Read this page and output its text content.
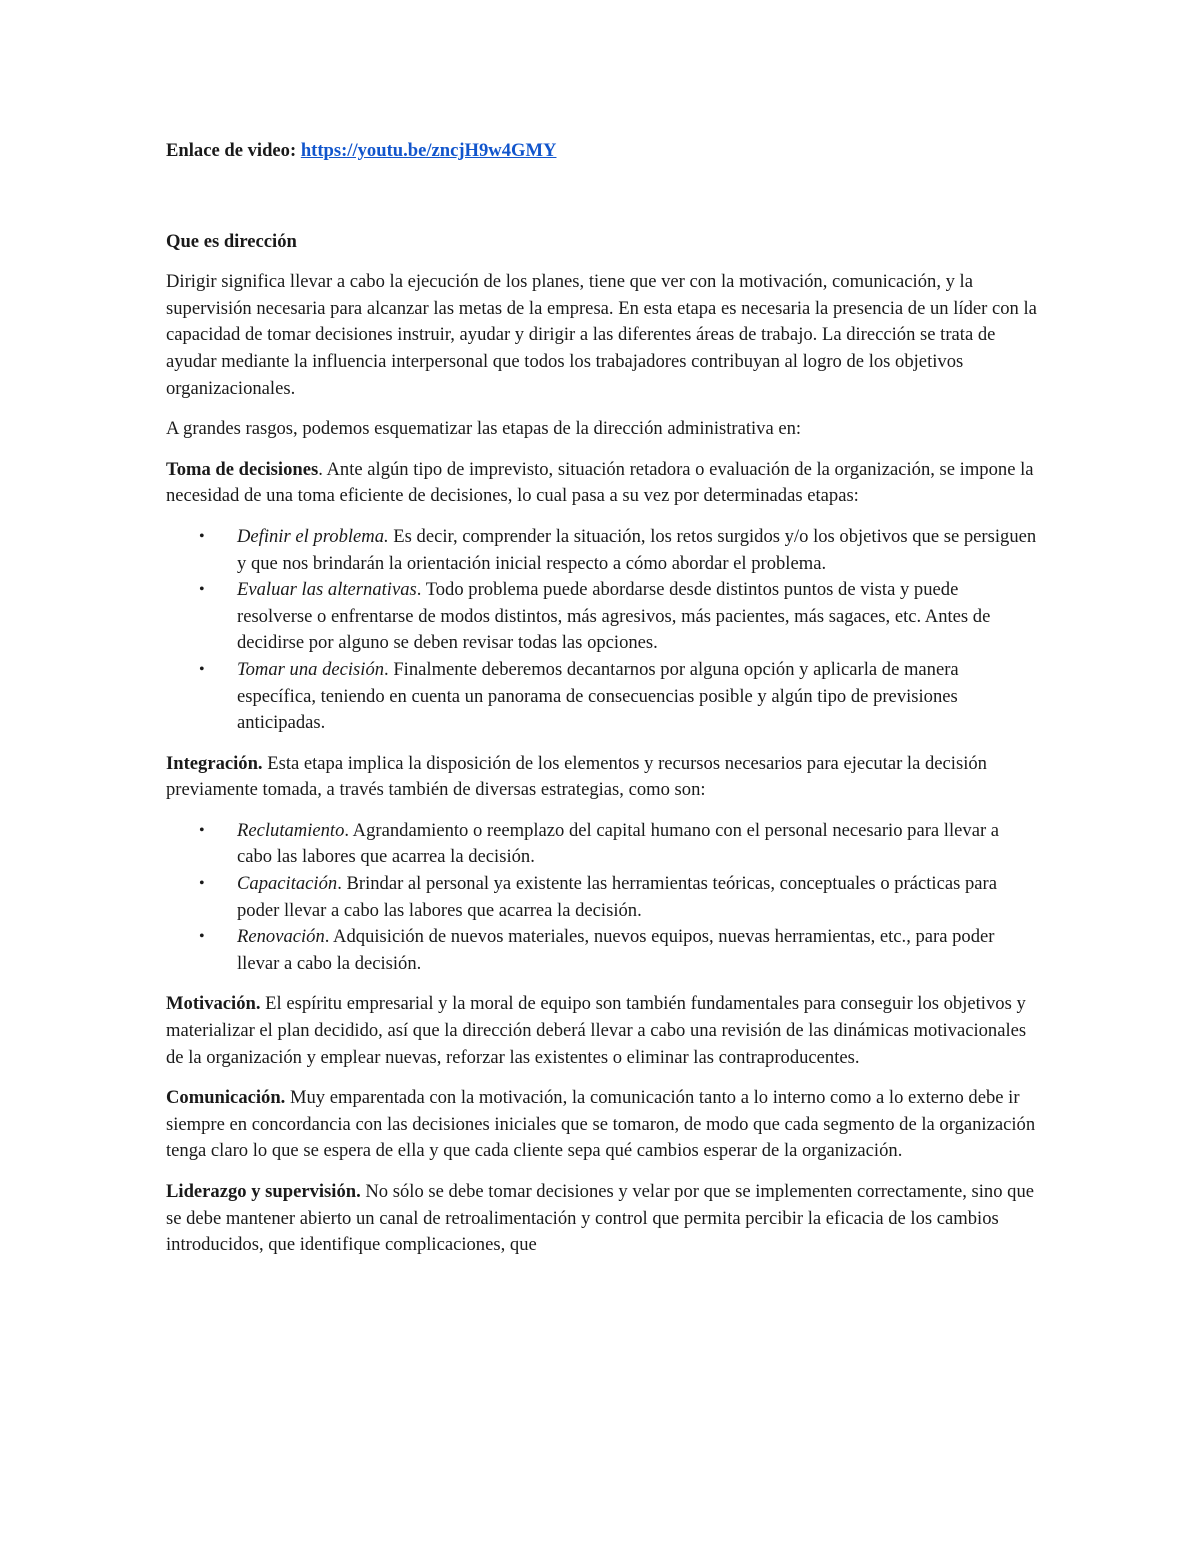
Enlace de video: https://youtu.be/zncjH9w4GMY

Que es dirección

Dirigir significa llevar a cabo la ejecución de los planes, tiene que ver con la motivación, comunicación, y la supervisión necesaria para alcanzar las metas de la empresa. En esta etapa es necesaria la presencia de un líder con la capacidad de tomar decisiones instruir, ayudar y dirigir a las diferentes áreas de trabajo. La dirección se trata de ayudar mediante la influencia interpersonal que todos los trabajadores contribuyan al logro de los objetivos organizacionales.

A grandes rasgos, podemos esquematizar las etapas de la dirección administrativa en:

Toma de decisiones. Ante algún tipo de imprevisto, situación retadora o evaluación de la organización, se impone la necesidad de una toma eficiente de decisiones, lo cual pasa a su vez por determinadas etapas:

• Definir el problema. Es decir, comprender la situación, los retos surgidos y/o los objetivos que se persiguen y que nos brindarán la orientación inicial respecto a cómo abordar el problema.
• Evaluar las alternativas. Todo problema puede abordarse desde distintos puntos de vista y puede resolverse o enfrentarse de modos distintos, más agresivos, más pacientes, más sagaces, etc. Antes de decidirse por alguno se deben revisar todas las opciones.
• Tomar una decisión. Finalmente deberemos decantarnos por alguna opción y aplicarla de manera específica, teniendo en cuenta un panorama de consecuencias posible y algún tipo de previsiones anticipadas.

Integración. Esta etapa implica la disposición de los elementos y recursos necesarios para ejecutar la decisión previamente tomada, a través también de diversas estrategias, como son:

• Reclutamiento. Agrandamiento o reemplazo del capital humano con el personal necesario para llevar a cabo las labores que acarrea la decisión.
• Capacitación. Brindar al personal ya existente las herramientas teóricas, conceptuales o prácticas para poder llevar a cabo las labores que acarrea la decisión.
• Renovación. Adquisición de nuevos materiales, nuevos equipos, nuevas herramientas, etc., para poder llevar a cabo la decisión.

Motivación. El espíritu empresarial y la moral de equipo son también fundamentales para conseguir los objetivos y materializar el plan decidido, así que la dirección deberá llevar a cabo una revisión de las dinámicas motivacionales de la organización y emplear nuevas, reforzar las existentes o eliminar las contraproducentes.

Comunicación. Muy emparentada con la motivación, la comunicación tanto a lo interno como a lo externo debe ir siempre en concordancia con las decisiones iniciales que se tomaron, de modo que cada segmento de la organización tenga claro lo que se espera de ella y que cada cliente sepa qué cambios esperar de la organización.

Liderazgo y supervisión. No sólo se debe tomar decisiones y velar por que se implementen correctamente, sino que se debe mantener abierto un canal de retroalimentación y control que permita percibir la eficacia de los cambios introducidos, que identifique complicaciones, que
